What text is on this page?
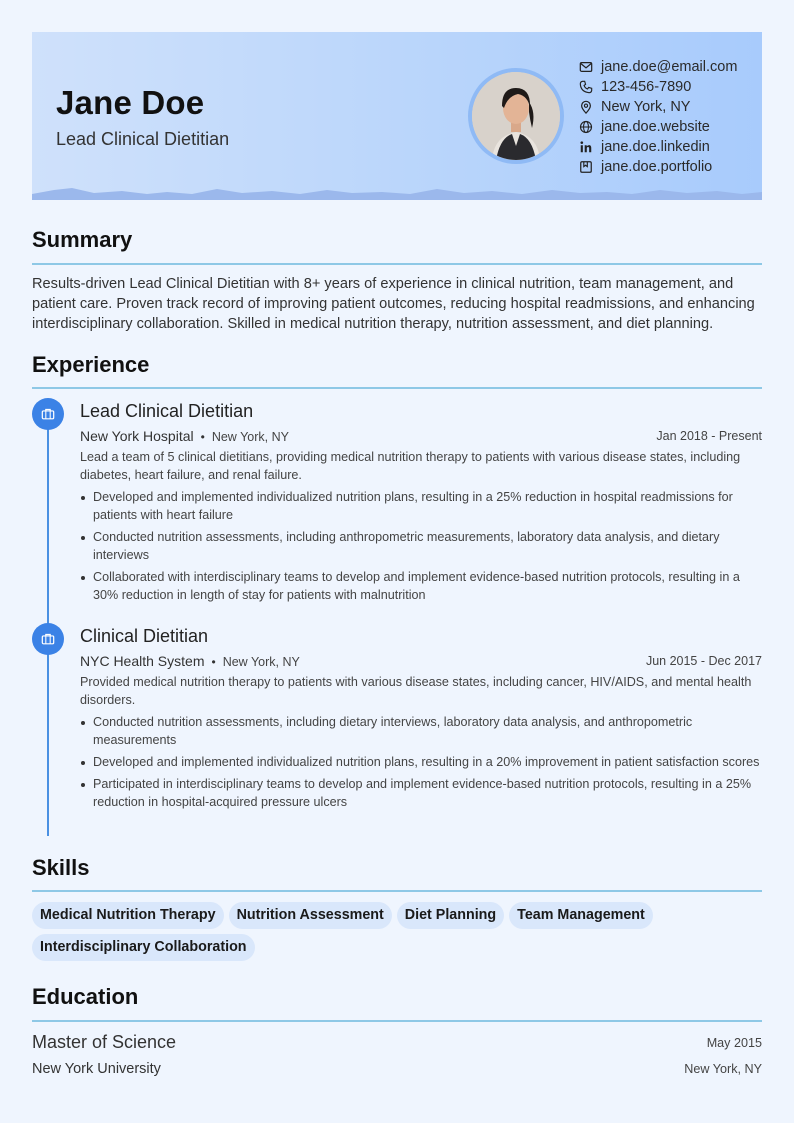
Jane Doe
Lead Clinical Dietitian
jane.doe@email.com
123-456-7890
New York, NY
jane.doe.website
jane.doe.linkedin
jane.doe.portfolio
Summary
Results-driven Lead Clinical Dietitian with 8+ years of experience in clinical nutrition, team management, and patient care. Proven track record of improving patient outcomes, reducing hospital readmissions, and enhancing interdisciplinary collaboration. Skilled in medical nutrition therapy, nutrition assessment, and diet planning.
Experience
Lead Clinical Dietitian
New York Hospital • New York, NY	Jan 2018 - Present
Lead a team of 5 clinical dietitians, providing medical nutrition therapy to patients with various disease states, including diabetes, heart failure, and renal failure.
Developed and implemented individualized nutrition plans, resulting in a 25% reduction in hospital readmissions for patients with heart failure
Conducted nutrition assessments, including anthropometric measurements, laboratory data analysis, and dietary interviews
Collaborated with interdisciplinary teams to develop and implement evidence-based nutrition protocols, resulting in a 30% reduction in length of stay for patients with malnutrition
Clinical Dietitian
NYC Health System • New York, NY	Jun 2015 - Dec 2017
Provided medical nutrition therapy to patients with various disease states, including cancer, HIV/AIDS, and mental health disorders.
Conducted nutrition assessments, including dietary interviews, laboratory data analysis, and anthropometric measurements
Developed and implemented individualized nutrition plans, resulting in a 20% improvement in patient satisfaction scores
Participated in interdisciplinary teams to develop and implement evidence-based nutrition protocols, resulting in a 25% reduction in hospital-acquired pressure ulcers
Skills
Medical Nutrition Therapy Nutrition Assessment Diet Planning Team ManagementInterdisciplinary Collaboration
Education
Master of Science
New York University
May 2015
New York, NY
